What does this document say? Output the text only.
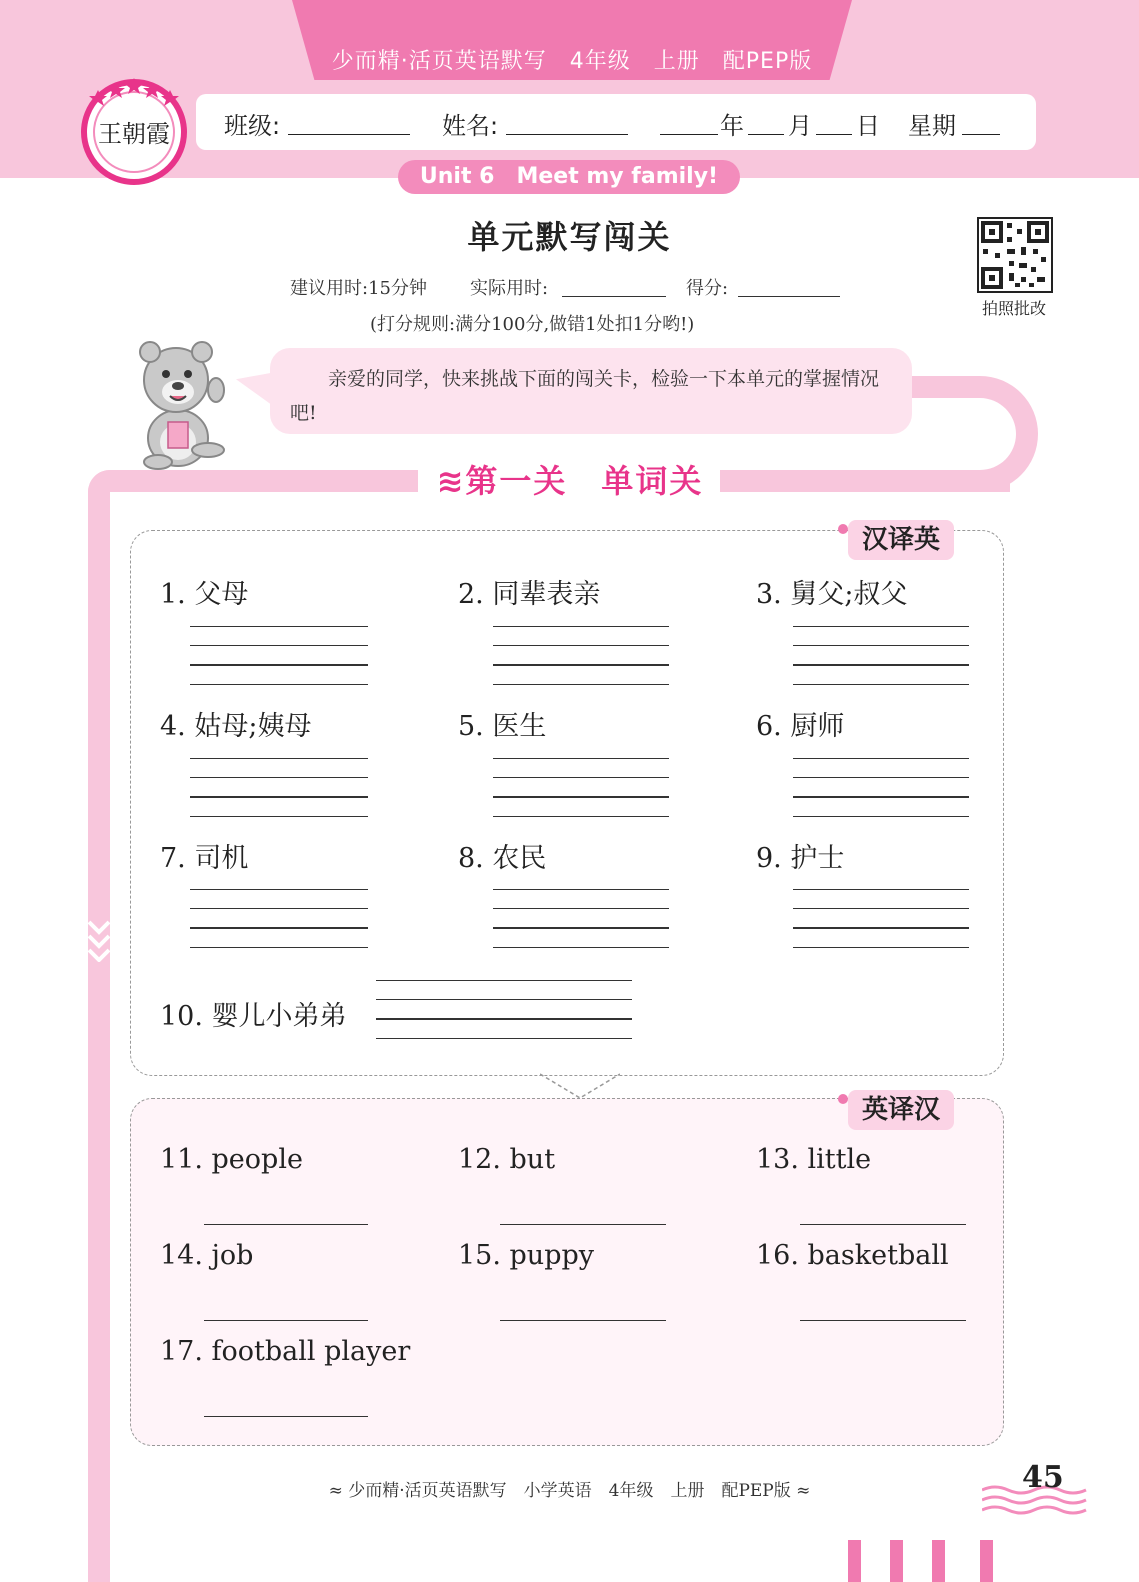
少而精·活页英语默写　4年级　上册　配PEP版
班级:	姓名:	年 月 日 星期
王朝霞
Unit 6　Meet my family!
单元默写闯关
建议用时:15分钟 实际用时:	得分:
(打分规则:满分100分,做错1处扣1分哟!)
拍照批改
亲爱的同学，快来挑战下面的闯关卡，检验一下本单元的掌握情况吧!
≋第一关　单词关
汉译英
1. 父母	2. 同辈表亲	3. 舅父;叔父
4. 姑母;姨母	5. 医生	6. 厨师
7. 司机	8. 农民	9. 护士
10. 婴儿小弟弟
英译汉
11. people	12. but	13. little
14. job	15. puppy	16. basketball
17. football player
≈ 少而精·活页英语默写　小学英语　4年级　上册　配PEP版 ≈	45
